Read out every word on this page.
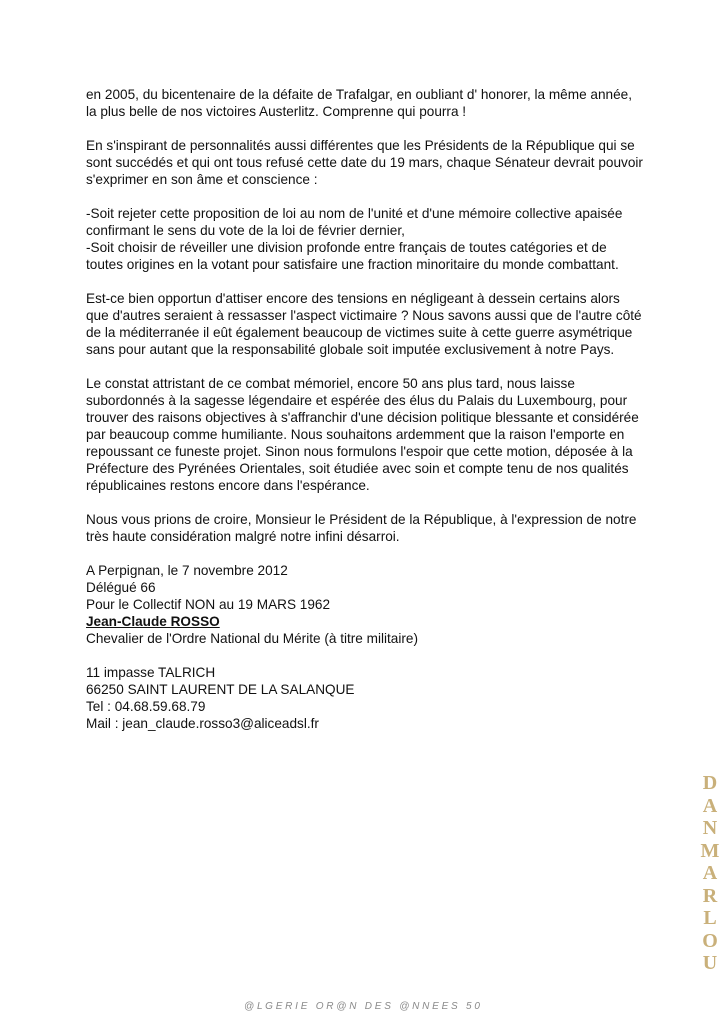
en 2005, du bicentenaire de la défaite de Trafalgar, en oubliant d' honorer, la même année, la plus belle de nos victoires Austerlitz. Comprenne qui pourra !

En s'inspirant de personnalités aussi différentes que les Présidents de la République qui se sont succédés et qui ont tous refusé cette date du 19 mars, chaque Sénateur devrait pouvoir s'exprimer en son âme et conscience :

-Soit rejeter cette proposition de loi au nom de l'unité et d'une mémoire collective apaisée confirmant le sens du vote de la loi de février dernier,

-Soit choisir de réveiller une division profonde entre français de toutes catégories et de toutes origines en la votant pour satisfaire une fraction minoritaire du monde combattant.

Est-ce bien opportun d'attiser encore des tensions en négligeant à dessein certains alors que d'autres seraient à ressasser l'aspect victimaire ? Nous savons aussi que de l'autre côté de la méditerranée il eût également beaucoup de victimes suite à cette guerre asymétrique sans pour autant que la responsabilité globale soit imputée exclusivement à notre Pays.

Le constat attristant de ce combat mémoriel, encore 50 ans plus tard, nous laisse subordonnés à la sagesse légendaire et espérée des élus du Palais du Luxembourg, pour trouver des raisons objectives à s'affranchir d'une décision politique blessante et considérée par beaucoup comme humiliante. Nous souhaitons ardemment que la raison l'emporte en repoussant ce funeste projet. Sinon nous formulons l'espoir que cette motion, déposée à la Préfecture des Pyrénées Orientales, soit étudiée avec soin et compte tenu de nos qualités républicaines restons encore dans l'espérance.

Nous vous prions de croire, Monsieur le Président de la République, à l'expression de notre très haute considération malgré notre infini désarroi.

A Perpignan, le 7 novembre 2012
Délégué 66
Pour le Collectif NON au 19 MARS 1962
Jean-Claude ROSSO
Chevalier de l'Ordre National du Mérite (à titre militaire)
11 impasse TALRICH
66250 SAINT LAURENT DE LA SALANQUE
Tel : 04.68.59.68.79
Mail : jean_claude.rosso3@aliceadsl.fr
D
A
N
M
A
R
L
O
U
@ L G E R I E   O R @ N   D E S   @ N N E E S   5 0
